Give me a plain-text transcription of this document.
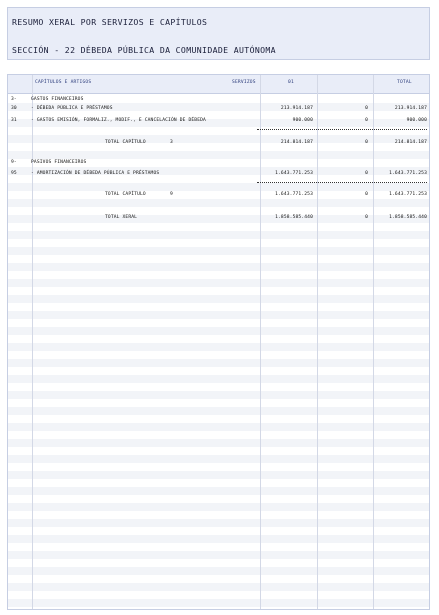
RESUMO XERAL POR SERVIZOS E CAPÍTULOS
SECCIÓN - 22 DÉBEDA PÚBLICA DA COMUNIDADE AUTÓNOMA
CAPÍTULOS E ARTIGOS	SERVIZOS	01	TOTAL
3-	GASTOS FINANCEIROS
30	- DÉBEDA PÚBLICA E PRÉSTAMOS	213.914.187	0	213.914.187
31	- GASTOS EMISIÓN, FORMALIZ., MODIF., E CANCELACIÓN DE DÉBEDA	900.000	0	900.000
TOTAL CAPÍTULO	3	214.814.187	0	214.814.187
9-	PASIVOS FINANCEIROS
95	- AMORTIZACIÓN DE DÉBEDA PÚBLICA E PRÉSTAMOS	1.643.771.253	0	1.643.771.253
TOTAL CAPÍTULO	9	1.643.771.253	0	1.643.771.253
TOTAL XERAL	1.858.585.440	0	1.858.585.440
